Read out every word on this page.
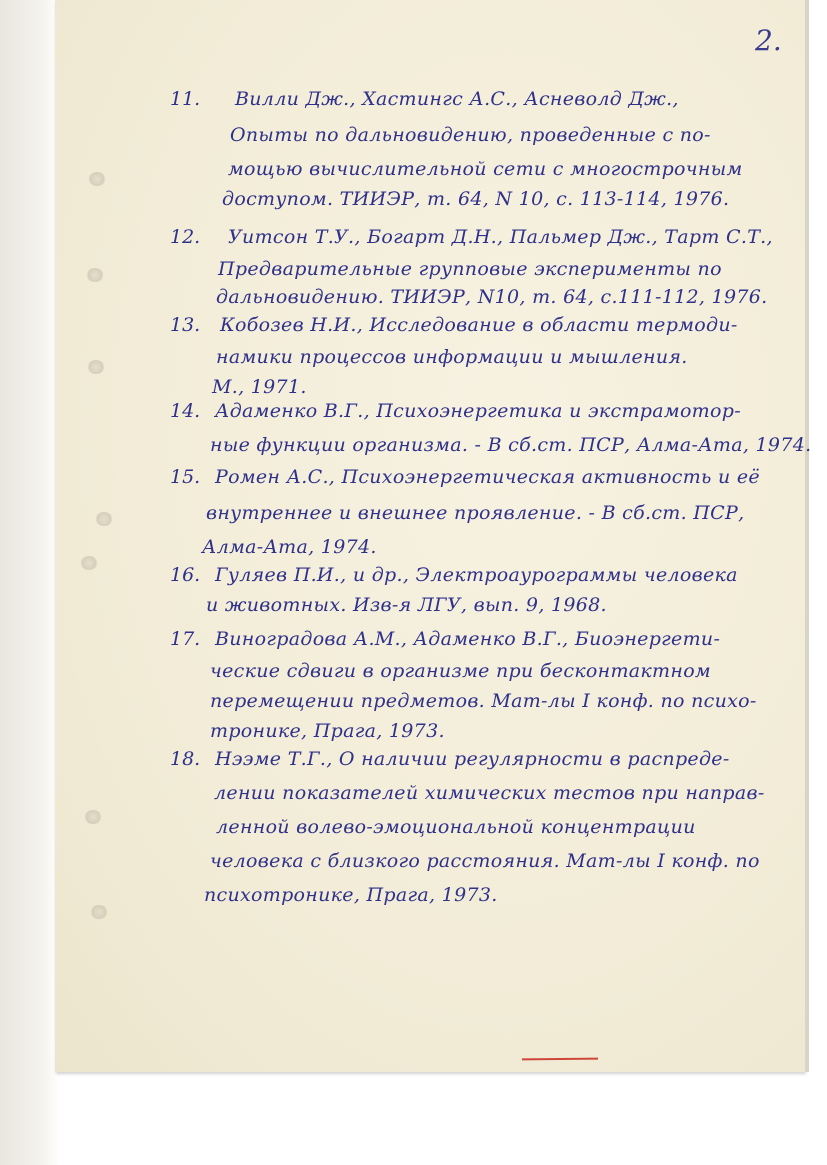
2.
11. Вилли Дж., Хастингс А.С., Асневолд Дж.,
Опыты по дальновидению, проведенные с по-
мощью вычислительной сети с многострочным
доступом. ТИИЭР, т. 64, N 10, с. 113-114, 1976.
12. Уитсон Т.У., Богарт Д.Н., Пальмер Дж., Тарт С.Т.,
Предварительные групповые эксперименты по
дальновидению. ТИИЭР, N10, т. 64, с.111-112, 1976.
13. Кобозев Н.И., Исследование в области термоди-
намики процессов информации и мышления.
М., 1971.
14. Адаменко В.Г., Психоэнергетика и экстрамотор-
ные функции организма. - В сб.ст. ПСР, Алма-Ата, 1974.
15. Ромен А.С., Психоэнергетическая активность и её
внутреннее и внешнее проявление. - В сб.ст. ПСР,
Алма-Ата, 1974.
16. Гуляев П.И., и др., Электроаурограммы человека
и животных. Изв-я ЛГУ, вып. 9, 1968.
17. Виноградова А.М., Адаменко В.Г., Биоэнергети-
ческие сдвиги в организме при бесконтактном
перемещении предметов. Мат-лы I конф. по психо-
тронике, Прага, 1973.
18. Нээме Т.Г., О наличии регулярности в распреде-
лении показателей химических тестов при направ-
ленной волево-эмоциональной концентрации
человека с близкого расстояния. Мат-лы I конф. по
психотронике, Прага, 1973.
